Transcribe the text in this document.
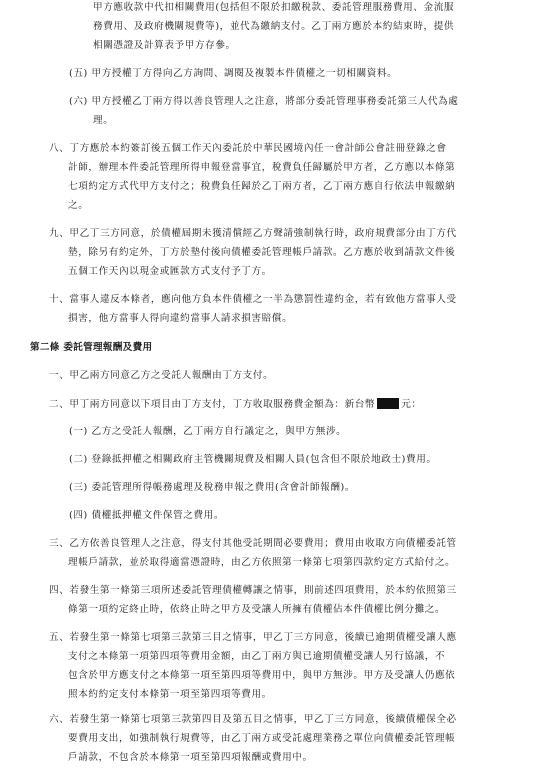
甲方應收款中代扣相關費用(包括但不限於扣繳稅款、委託管理服務費用、金流服
務費用、及政府機關規費等)，並代為繳納支付。乙丁兩方應於本約結束時，提供
相關憑證及計算表予甲方存參。
(五) 甲方授權丁方得向乙方詢問、調閱及複製本件債權之一切相關資料。
(六) 甲方授權乙丁兩方得以善良管理人之注意，將部分委託管理事務委託第三人代為處
理。
八、丁方應於本約簽訂後五個工作天內委託於中華民國境內任一會計師公會註冊登錄之會
計師，辦理本件委託管理所得申報登當事宜，稅費負任歸屬於甲方者，乙方應以本條第
七項約定方式代甲方支付之；稅費負任歸於乙丁兩方者，乙丁兩方應自行依法申報繳納
之。
九、甲乙丁三方同意，於債權屆期未獲清償經乙方聲請強制執行時，政府規費部分由丁方代
墊，除另有約定外，丁方於墊付後向債權委託管理帳戶請款。乙方應於收到請款文件後
五個工作天內以現金或匯款方式支付予丁方。
十、當事人違反本條者，應向他方負本件債權之一半為懲罰性違約金，若有致他方當事人受
損害，他方當事人得向違約當事人請求損害賠償。
第二條 委託管理報酬及費用
一、甲乙兩方同意乙方之受託人報酬由丁方支付。
二、甲丁兩方同意以下項目由丁方支付，丁方收取服務費金額為：新台幣	元：
(一) 乙方之受託人報酬，乙丁兩方自行議定之，與甲方無涉。
(二) 登錄抵押權之相關政府主管機關規費及相關人員(包含但不限於地政士)費用。
(三) 委託管理所得帳務處理及稅務申報之費用(含會計師報酬)。
(四) 債權抵押權文件保管之費用。
三、乙方依善良管理人之注意，得支付其他受託期間必要費用；費用由收取方向債權委託管
理帳戶請款，並於取得適當憑證時，由乙方依照第一條第七項第四款約定方式給付之。
四、若發生第一條第三項所述委託管理債權轉讓之情事，則前述四項費用，於本約依照第三
條第一項約定終止時，依終止時之甲方及受讓人所擁有債權佔本件債權比例分攤之。
五、若發生第一條第七項第三款第三目之情事，甲乙丁三方同意，後續已逾期債權受讓人應
支付之本條第一項第四項等費用金額，由乙丁兩方與已逾期債權受讓人另行協議，不
包含於甲方應支付之本條第一項至第四項等費用中，與甲方無涉。甲方及受讓人仍應依
照本約約定支付本條第一項至第四項等費用。
六、若發生第一條第七項第三款第四目及第五目之情事，甲乙丁三方同意，後續債權保全必
要費用支出，如強制執行規費等，由乙丁兩方或受託處理業務之單位向債權委託管理帳
戶請款，不包含於本條第一項至第四項報酬或費用中。
